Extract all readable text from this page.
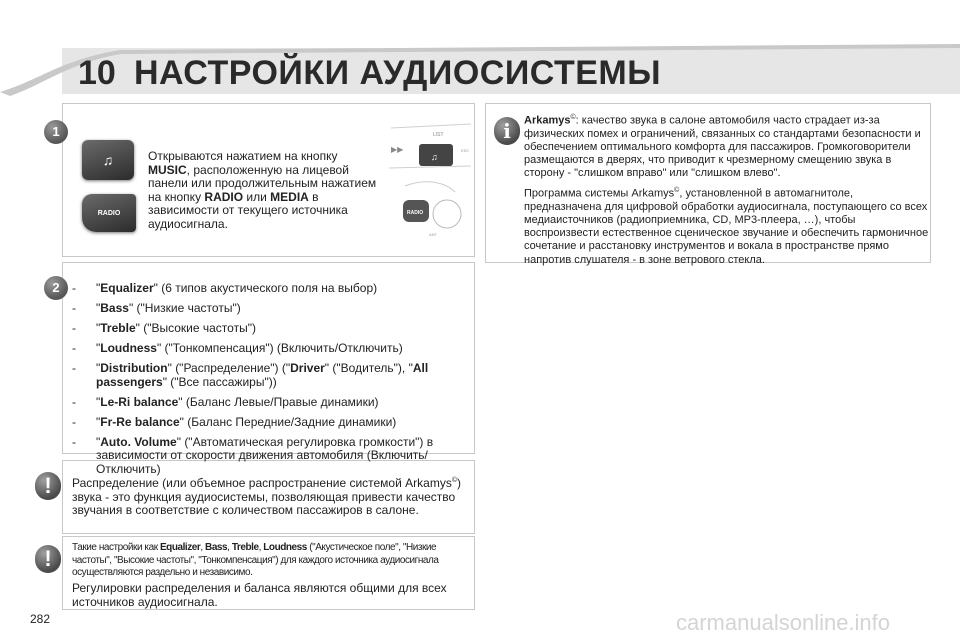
10 НАСТРОЙКИ АУДИОСИСТЕМЫ
1
♫
RADIO
Открываются нажатием на кнопку MUSIC, расположенную на лицевой панели или продолжительным нажатием на кнопку RADIO или MEDIA в зависимости от текущего источника аудиосигнала.
LIST
▶▶
♫
ESC
RADIO
ANT
2	- "Equalizer" (6 типов акустического поля на выбор)
- "Bass" ("Низкие частоты")
- "Treble" ("Высокие частоты")
- "Loudness" ("Тонкомпенсация") (Включить/Отключить)
- "Distribution" ("Распределение") ("Driver" ("Водитель"), "All passengers" ("Все пассажиры"))
- "Le-Ri balance" (Баланс Левые/Правые динамики)
- "Fr-Re balance" (Баланс Передние/Задние динамики)
- "Auto. Volume" ("Автоматическая регулировка громкости") в зависимости от скорости движения автомобиля (Включить/Отключить)
!	Распределение (или объемное распространение системой Arkamys©) звука - это функция аудиосистемы, позволяющая привести качество звучания в соответствие с количеством пассажиров в салоне.
!	Такие настройки как Equalizer, Bass, Treble, Loudness ("Акустическое поле", "Низкие частоты", "Высокие частоты", "Тонкомпенсация") для каждого источника аудиосигнала осуществляются раздельно и независимо.
Регулировки распределения и баланса являются общими для всех источников аудиосигнала.
i	Arkamys©: качество звука в салоне автомобиля часто страдает из-за физических помех и ограничений, связанных со стандартами безопасности и обеспечением оптимального комфорта для пассажиров. Громкоговорители размещаются в дверях, что приводит к чрезмерному смещению звука в сторону - "слишком вправо" или "слишком влево".
Программа системы Arkamys©, установленной в автомагнитоле, предназначена для цифровой обработки аудиосигнала, поступающего со всех медиаисточников (радиоприемника, CD, MP3-плеера, …), чтобы воспроизвести естественное сценическое звучание и обеспечить гармоничное сочетание и расстановку инструментов и вокала в пространстве прямо напротив слушателя - в зоне ветрового стекла.
282	carmanualsonline.info
